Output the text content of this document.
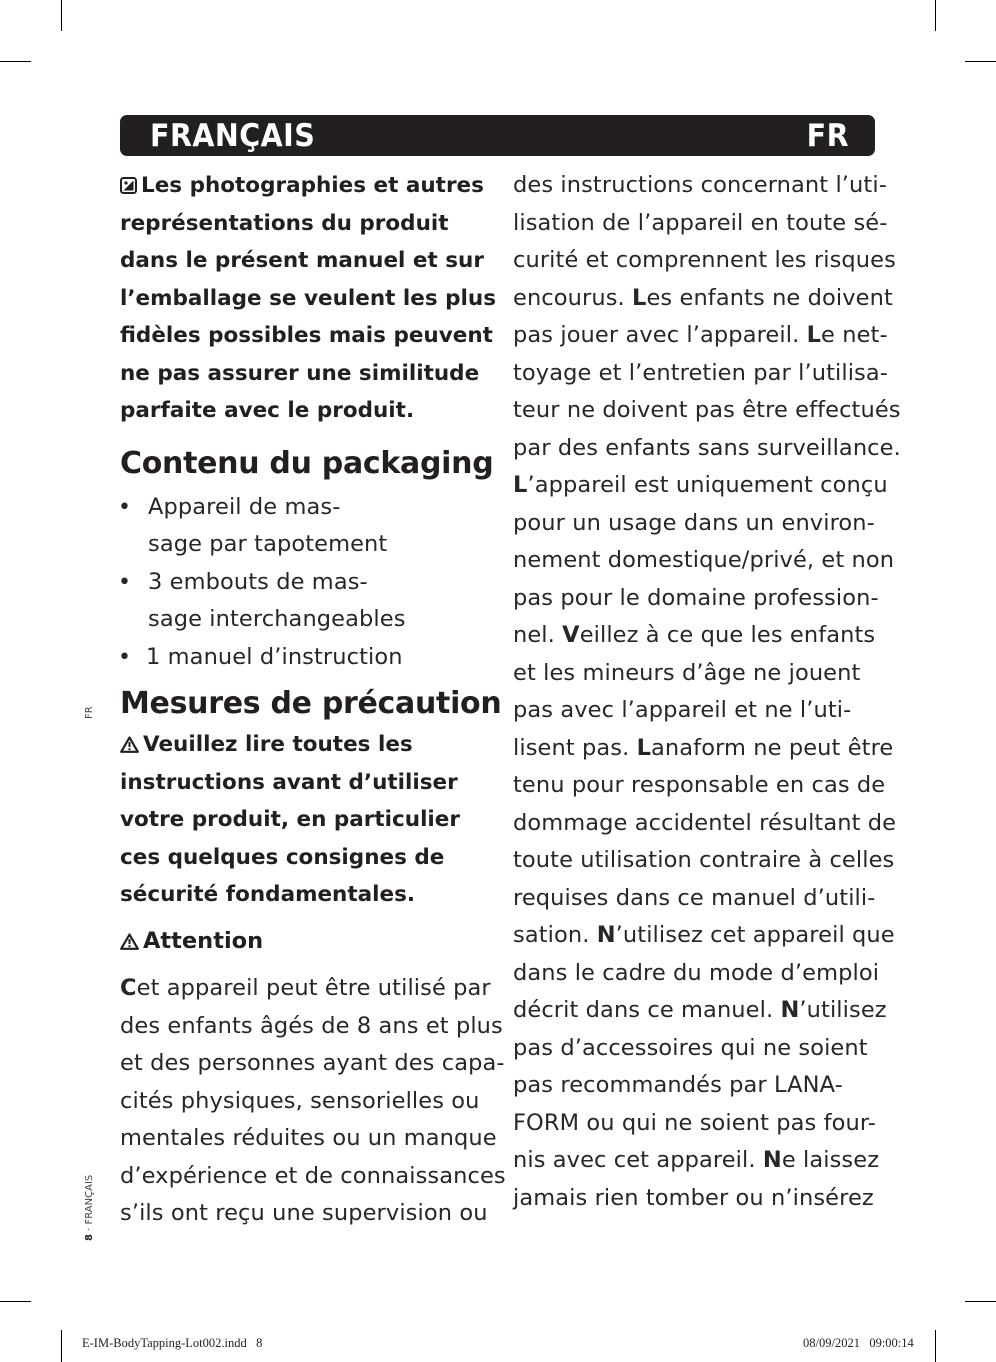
FRANÇAIS	FR
Les photographies et autres
représentations du produit
dans le présent manuel et sur
l’emballage se veulent les plus
fidèles possibles mais peuvent
ne pas assurer une similitude
parfaite avec le produit.
Contenu du packaging
• Appareil de mas-
sage par tapotement
• 3 embouts de mas-
sage interchangeables
• 1 manuel d’instruction
Mesures de précaution
Veuillez lire toutes les
instructions avant d’utiliser
votre produit, en particulier
ces quelques consignes de
sécurité fondamentales.
Attention
Cet appareil peut être utilisé par
des enfants âgés de 8 ans et plus
et des personnes ayant des capa-
cités physiques, sensorielles ou
mentales réduites ou un manque
d’expérience et de connaissances
s’ils ont reçu une supervision ou
des instructions concernant l’uti-
lisation de l’appareil en toute sé-
curité et comprennent les risques
encourus. Les enfants ne doivent
pas jouer avec l’appareil. Le net-
toyage et l’entretien par l’utilisa-
teur ne doivent pas être effectués
par des enfants sans surveillance.
L’appareil est uniquement conçu
pour un usage dans un environ-
nement domestique/privé, et non
pas pour le domaine profession-
nel. Veillez à ce que les enfants
et les mineurs d’âge ne jouent
pas avec l’appareil et ne l’uti-
lisent pas. Lanaform ne peut être
tenu pour responsable en cas de
dommage accidentel résultant de
toute utilisation contraire à celles
requises dans ce manuel d’utili-
sation. N’utilisez cet appareil que
dans le cadre du mode d’emploi
décrit dans ce manuel. N’utilisez
pas d’accessoires qui ne soient
pas recommandés par LANA-
FORM ou qui ne soient pas four-
nis avec cet appareil. Ne laissez
jamais rien tomber ou n’insérez
FR
8 · FRANÇAIS
E-IM-BodyTapping-Lot002.indd   8	08/09/2021   09:00:14
